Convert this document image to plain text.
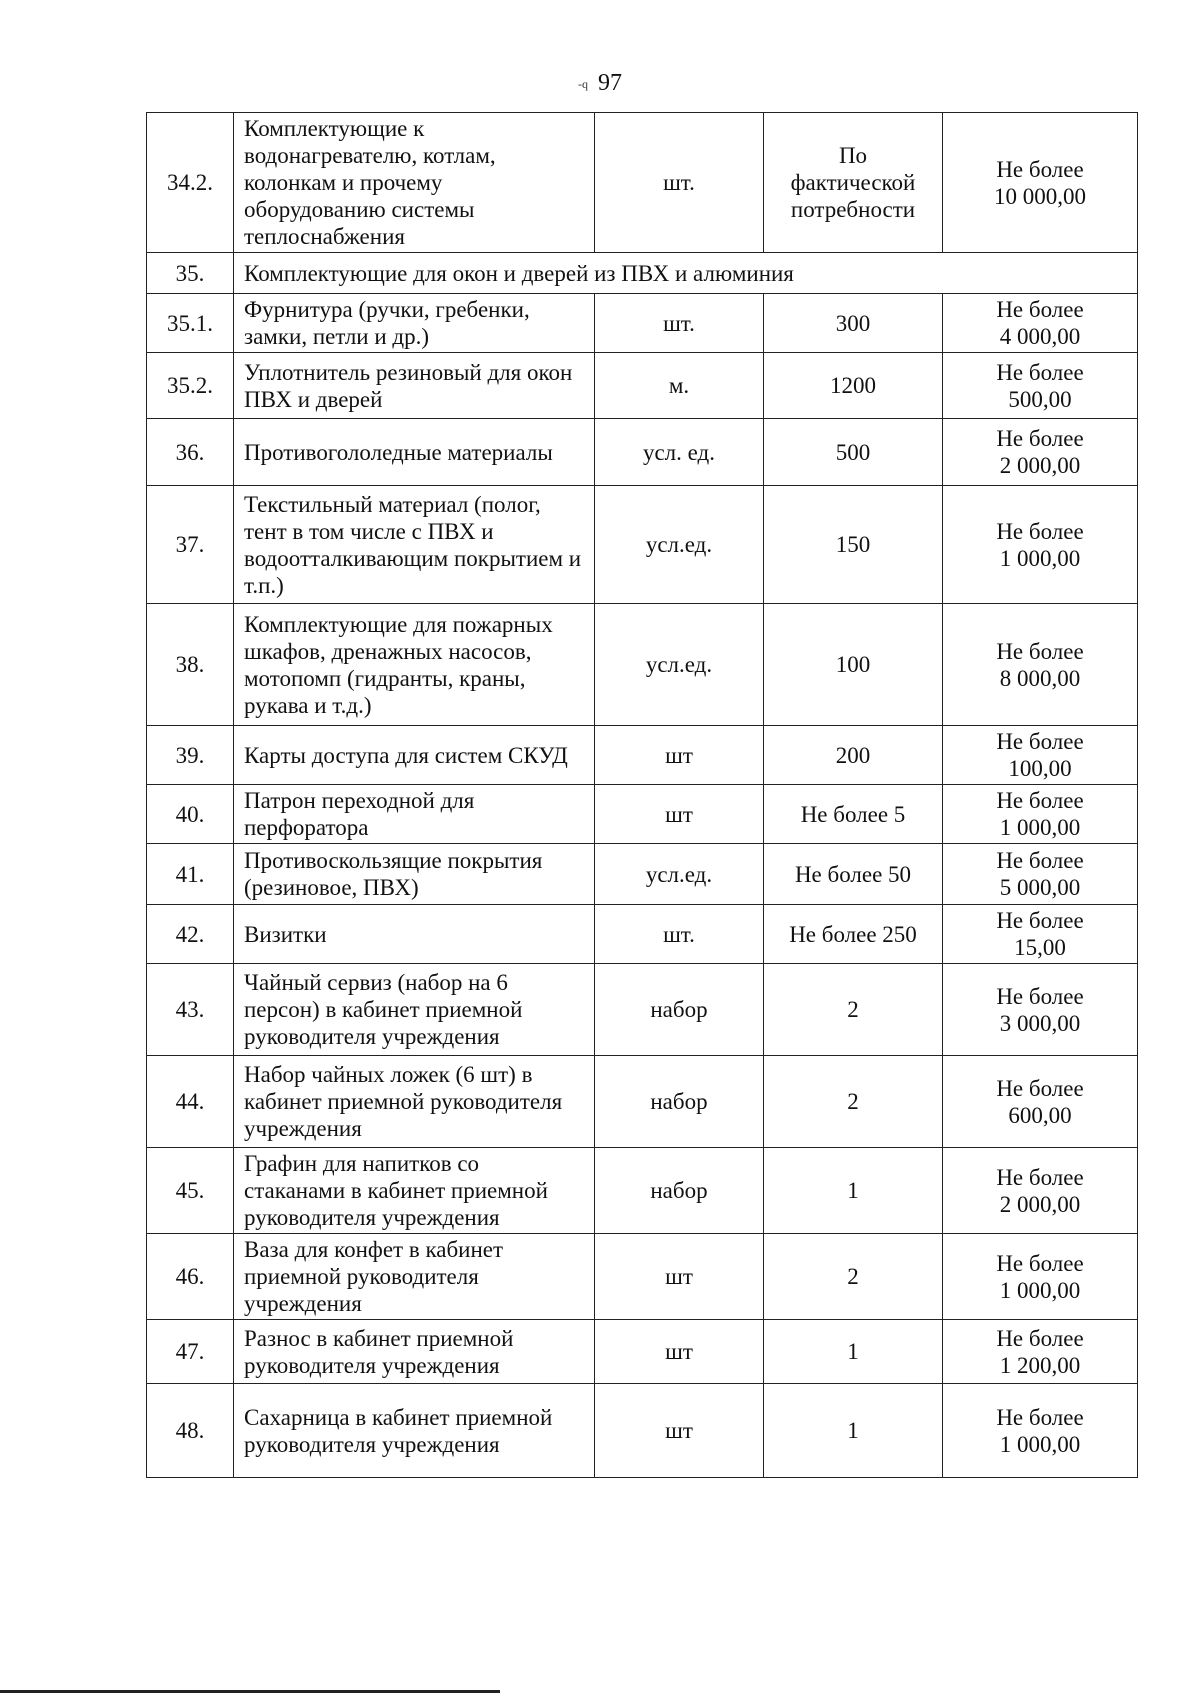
-q 97
34.2.	Комплектующие к водонагревателю, котлам, колонкам и прочему оборудованию системы теплоснабжения	шт.	По фактической потребности	Не более
10 000,00

35.	Комплектующие для окон и дверей из ПВХ и алюминия			
35.1.	Фурнитура (ручки, гребенки, замки, петли и др.)	шт.	300	Не более
4 000,00

35.2.	Уплотнитель резиновый для окон ПВХ и дверей	м.	1200	Не более
500,00

36.	Противогололедные материалы	усл. ед.	500	Не более
2 000,00

37.	Текстильный материал (полог, тент в том числе с ПВХ и водоотталкивающим покрытием и т.п.)	усл.ед.	150	Не более
1 000,00

38.	Комплектующие для пожарных шкафов, дренажных насосов, мотопомп (гидранты, краны, рукава и т.д.)	усл.ед.	100	Не более
8 000,00

39.	Карты доступа для систем СКУД	шт	200	Не более
100,00

40.	Патрон переходной для перфоратора	шт	Не более 5	Не более
1 000,00

41.	Противоскользящие покрытия (резиновое, ПВХ)	усл.ед.	Не более 50	Не более
5 000,00

42.	Визитки	шт.	Не более 250	Не более
15,00

43.	Чайный сервиз (набор на 6 персон) в кабинет приемной руководителя учреждения	набор	2	Не более
3 000,00

44.	Набор чайных ложек (6 шт) в кабинет приемной руководителя учреждения	набор	2	Не более
600,00

45.	Графин для напитков со стаканами в кабинет приемной руководителя учреждения	набор	1	Не более
2 000,00

46.	Ваза для конфет в кабинет приемной руководителя учреждения	шт	2	Не более
1 000,00

47.	Разнос в кабинет приемной руководителя учреждения	шт	1	Не более
1 200,00

48.	Сахарница в кабинет приемной руководителя учреждения	шт	1	Не более
1 000,00
